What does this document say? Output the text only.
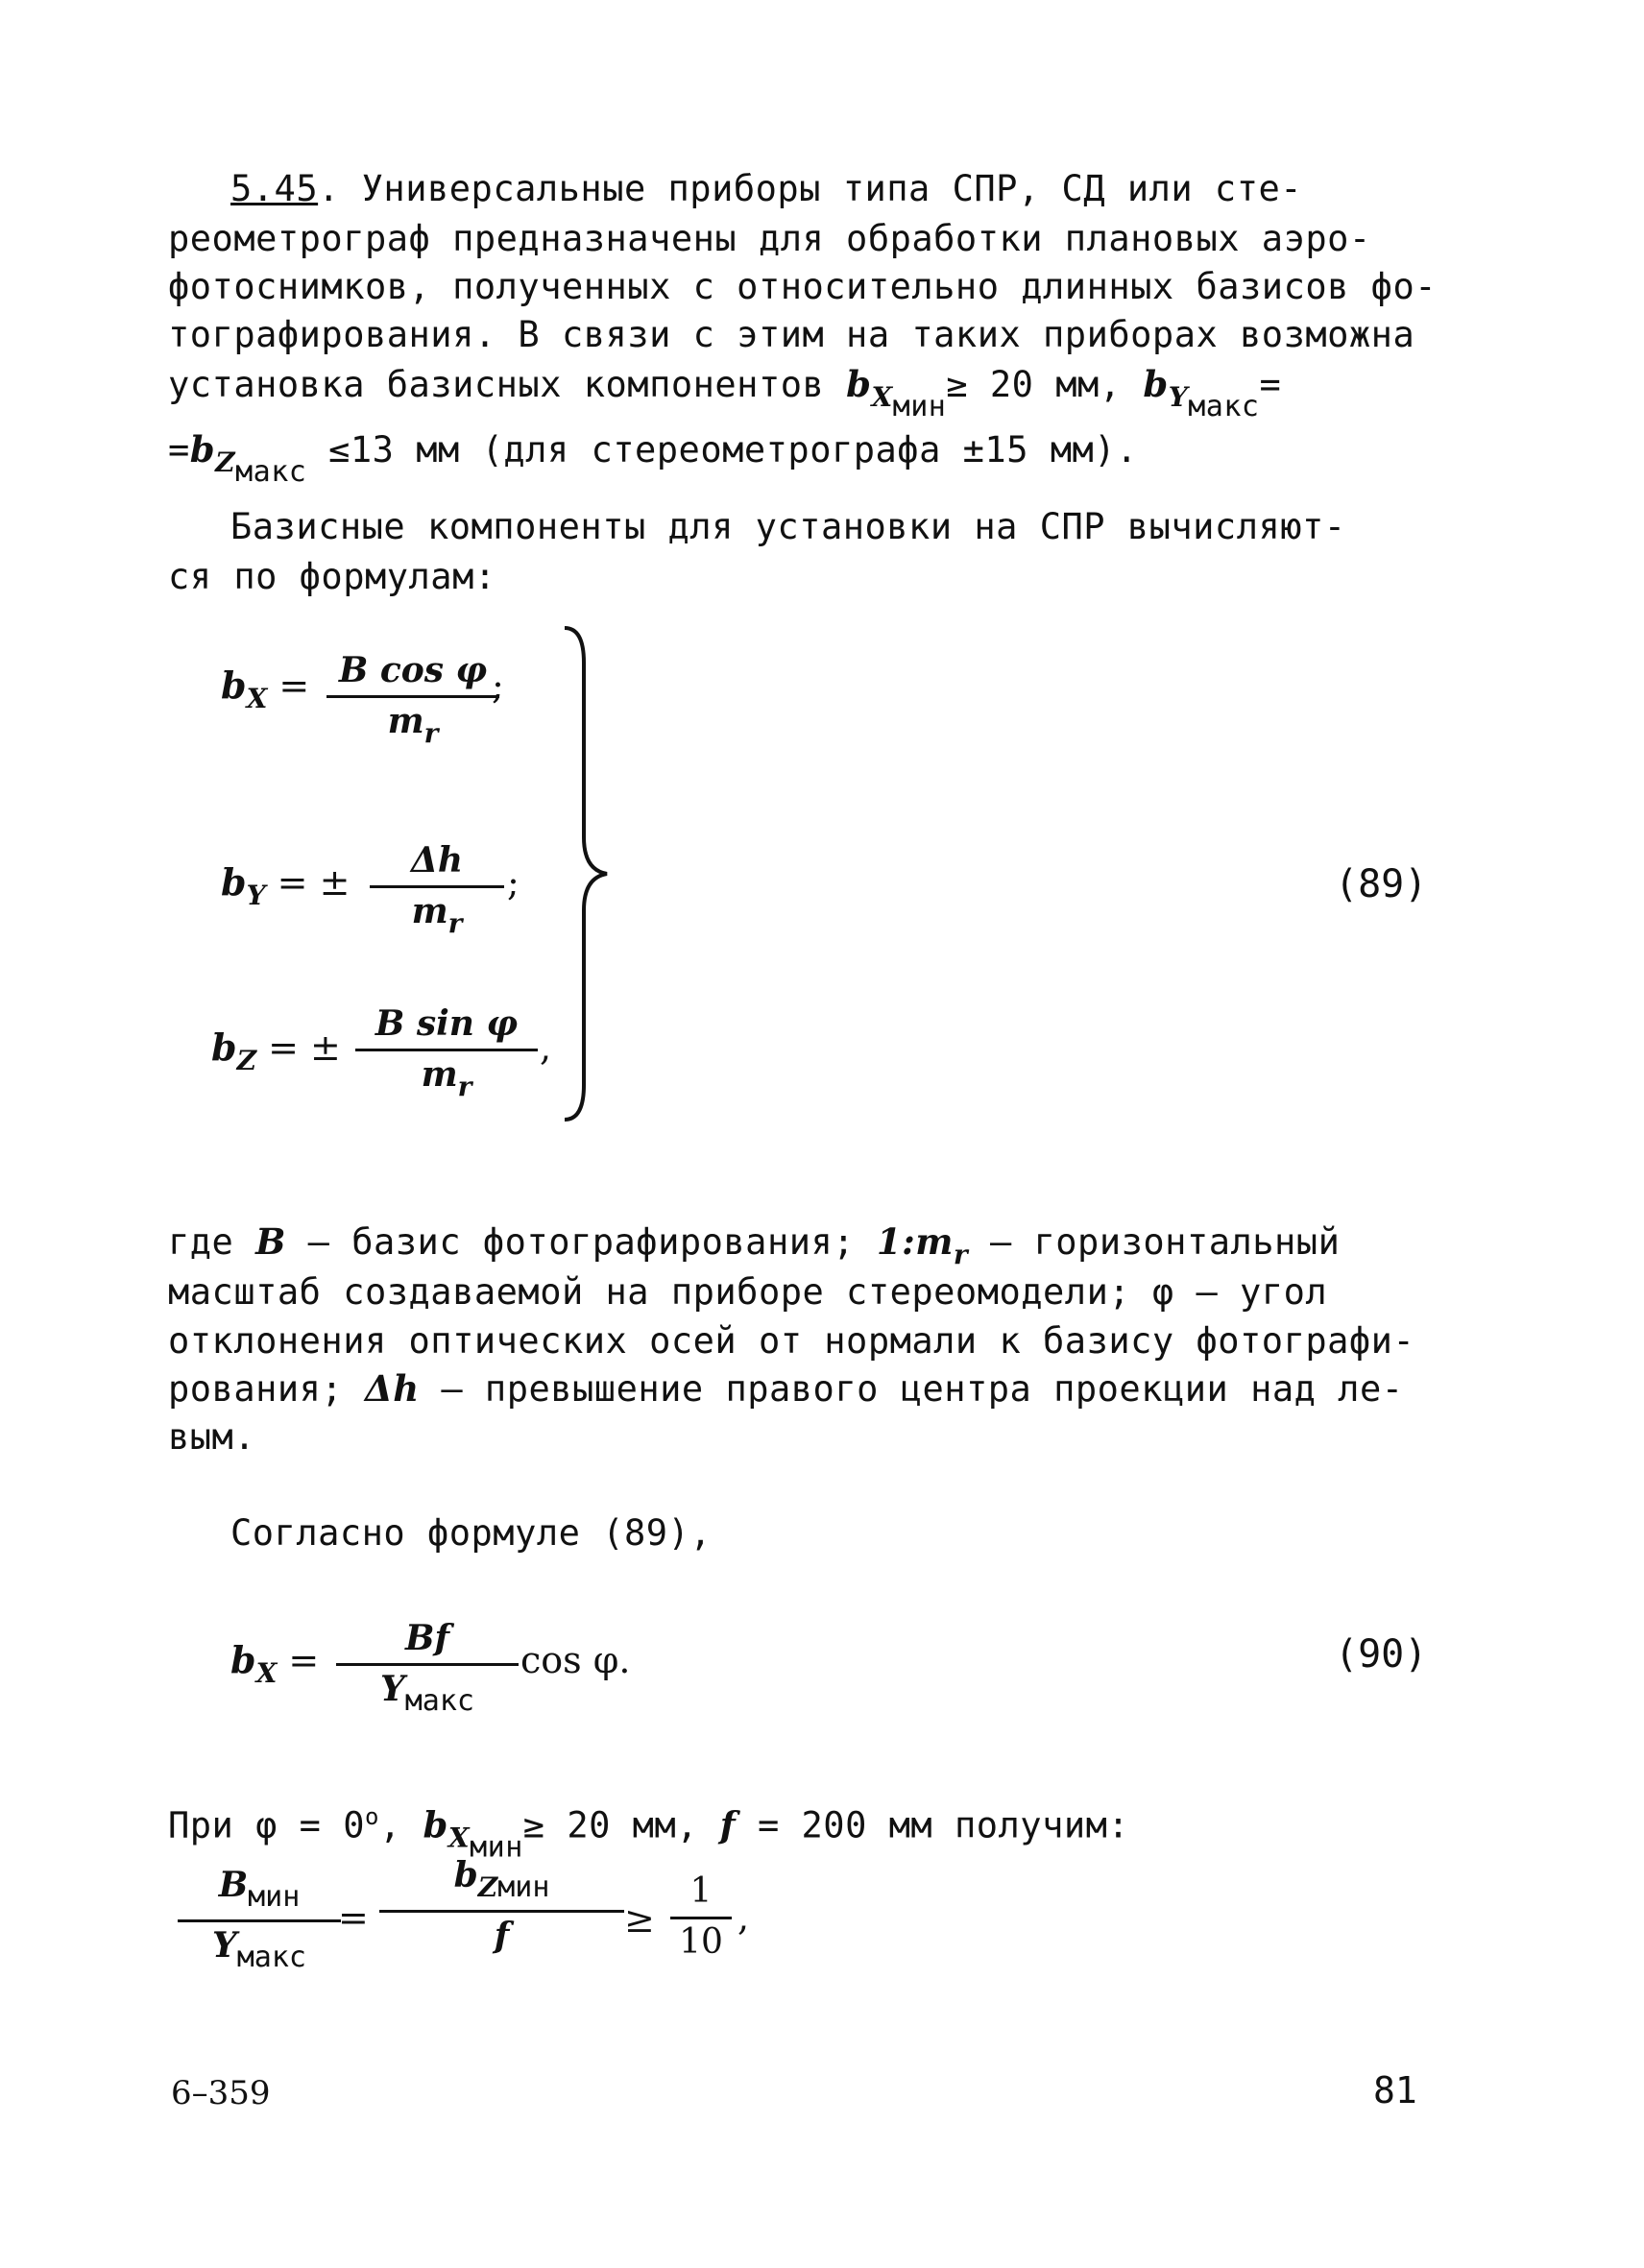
5.45. Универсальные приборы типа СПР, СД или сте-
реометрограф предназначены для обработки плановых аэро-
фотоснимков, полученных с относительно длинных базисов фо-
тографирования. В связи с этим на таких приборах возможна
установка базисных компонентов $b_{Xмин}\ge 20$ мм, $b_{Yмакс}=$
$=b_{Zмакс} \le 13$ мм (для стереометрографа ±15 мм).
Базисные компоненты для установки на СПР вычисляют-
ся по формулам:
$b_X = B$ cos φ
$m_r$
;
$b_Y$ = ±
Δh
$m_r$
;
$b_Z$ = ±
B sin φ
$m_r$
,
(89)
где B – базис фотографирования; $1:m_r$ – горизонтальный
масштаб создаваемой на приборе стереомодели; φ – угол
отклонения оптических осей от нормали к базису фотографи-
рования; Δh – превышение правого центра проекции над ле-
вым.
Согласно формуле (89),
$b_X$ =
Bf
$Y_{макс}$
cos φ.	(90)
При $\varphi = 0^o$, $b_{Xмин}\ge 20$ мм, f = 200 мм получим:
$B_{мин}$
$Y_{макс}$
=
$b_{Zмин}$
f	≥
1
10
,
6–359	81
